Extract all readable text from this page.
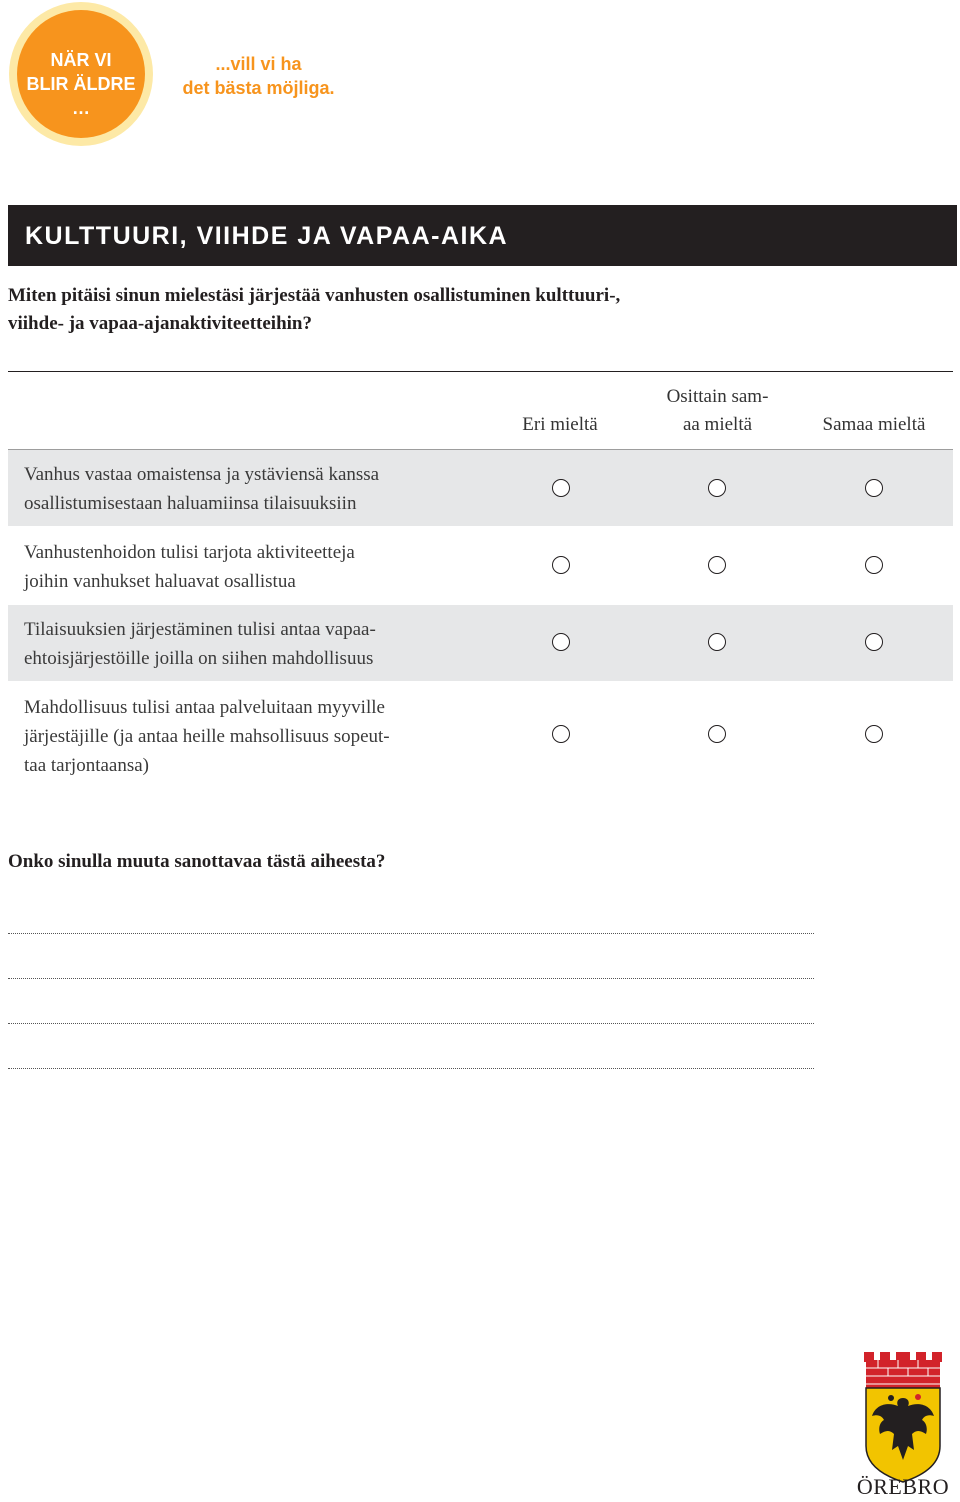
NÄR VI
BLIR ÄLDRE
…
...vill vi ha
det bästa möjliga.
KULTTUURI, VIIHDE JA VAPAA-AIKA
Miten pitäisi sinun mielestäsi järjestää vanhusten osallistuminen kulttuuri-,
viihde- ja vapaa-ajanaktiviteetteihin?
Eri mieltä
Osittain sam-
aa mieltä	Samaa mieltä
Vanhus vastaa omaistensa ja ystäviensä kanssa
osallistumisestaan haluamiinsa tilaisuuksiin
Vanhustenhoidon tulisi tarjota aktiviteetteja
joihin vanhukset haluavat osallistua
Tilaisuuksien järjestäminen tulisi antaa vapaa-
ehtoisjärjestöille joilla on siihen mahdollisuus
Mahdollisuus tulisi antaa palveluitaan myyville
järjestäjille (ja antaa heille mahsollisuus sopeut-
taa tarjontaansa)
Onko sinulla muuta sanottavaa tästä aiheesta?
ÖREBRO
